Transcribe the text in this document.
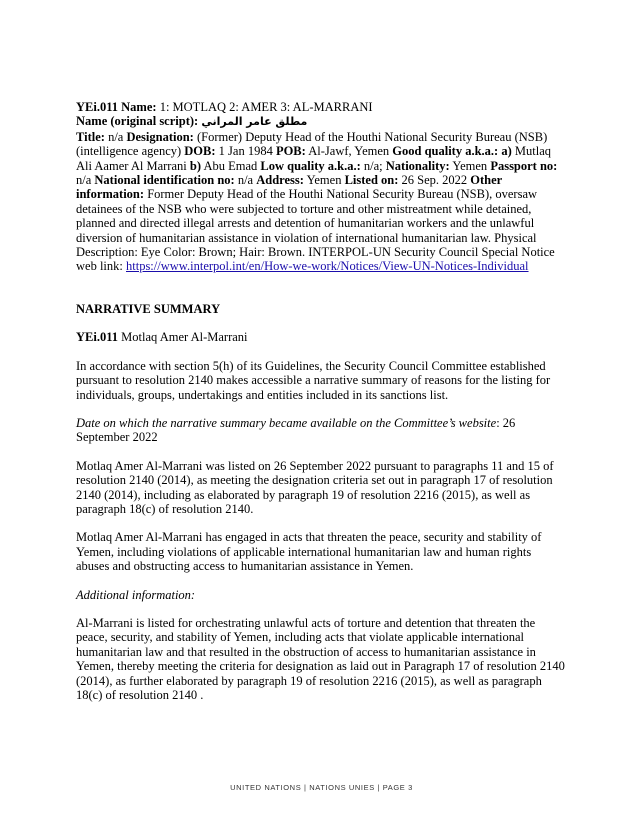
YEi.011 Name: 1: MOTLAQ 2: AMER 3: AL-MARRANI

Name (original script): مطلق عامر المراني

Title: n/a Designation: (Former) Deputy Head of the Houthi National Security Bureau (NSB) (intelligence agency) DOB: 1 Jan 1984 POB: Al-Jawf, Yemen Good quality a.k.a.: a) Mutlaq Ali Aamer Al Marrani b) Abu Emad Low quality a.k.a.: n/a; Nationality: Yemen Passport no: n/a National identification no: n/a Address: Yemen Listed on: 26 Sep. 2022 Other information: Former Deputy Head of the Houthi National Security Bureau (NSB), oversaw detainees of the NSB who were subjected to torture and other mistreatment while detained, planned and directed illegal arrests and detention of humanitarian workers and the unlawful diversion of humanitarian assistance in violation of international humanitarian law. Physical Description: Eye Color: Brown; Hair: Brown. INTERPOL-UN Security Council Special Notice web link: https://www.interpol.int/en/How-we-work/Notices/View-UN-Notices-Individual

NARRATIVE SUMMARY

YEi.011 Motlaq Amer Al-Marrani

In accordance with section 5(h) of its Guidelines, the Security Council Committee established pursuant to resolution 2140 makes accessible a narrative summary of reasons for the listing for individuals, groups, undertakings and entities included in its sanctions list.

Date on which the narrative summary became available on the Committee’s website: 26 September 2022

Motlaq Amer Al-Marrani was listed on 26 September 2022 pursuant to paragraphs 11 and 15 of resolution 2140 (2014), as meeting the designation criteria set out in paragraph 17 of resolution 2140 (2014), including as elaborated by paragraph 19 of resolution 2216 (2015), as well as paragraph 18(c) of resolution 2140.

Motlaq Amer Al-Marrani has engaged in acts that threaten the peace, security and stability of Yemen, including violations of applicable international humanitarian law and human rights abuses and obstructing access to humanitarian assistance in Yemen.

Additional information:

Al-Marrani is listed for orchestrating unlawful acts of torture and detention that threaten the peace, security, and stability of Yemen, including acts that violate applicable international humanitarian law and that resulted in the obstruction of access to humanitarian assistance in Yemen, thereby meeting the criteria for designation as laid out in Paragraph 17 of resolution 2140 (2014), as further elaborated by paragraph 19 of resolution 2216 (2015), as well as paragraph 18(c) of resolution 2140 .

UNITED NATIONS | NATIONS UNIES | PAGE 3
